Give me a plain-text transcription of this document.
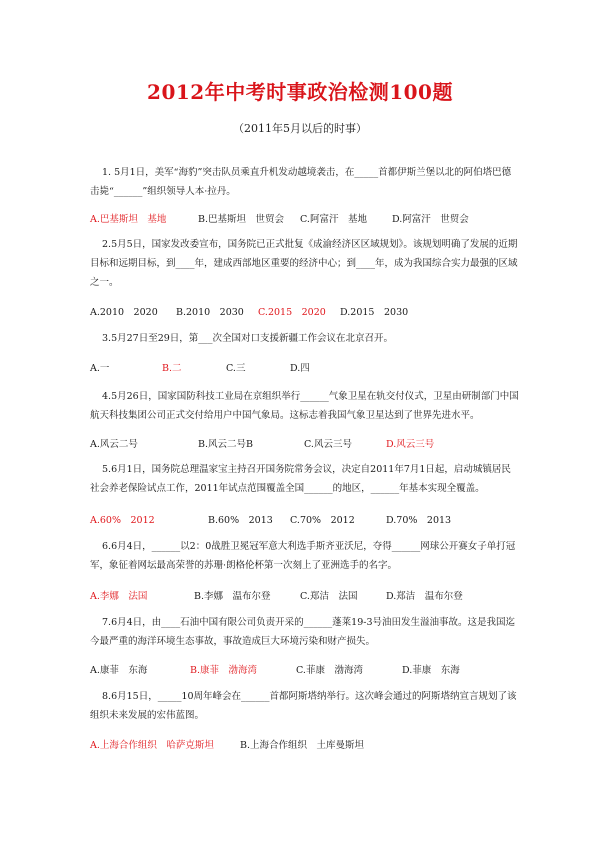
2012年中考时事政治检测100题
（2011年5月以后的时事）

1. 5月1日，美军“海豹”突击队员乘直升机发动越境袭击，在_____首都伊斯兰堡以北的阿伯塔巴德击毙“______”组织领导人本·拉丹。

A.巴基斯坦　基地	B.巴基斯坦　世贸会 C.阿富汗　基地	D.阿富汗　世贸会

2.5月5日，国家发改委宣布，国务院已正式批复《成渝经济区区域规划》。该规划明确了发展的近期目标和远期目标，到____年，建成西部地区重要的经济中心；到____年，成为我国综合实力最强的区域之一。

A.2010　2020 B.2010　2030 C.2015　2020 D.2015　2030

3.5月27日至29日，第___次全国对口支援新疆工作会议在北京召开。

A.一	B.二	C.三	D.四

4.5月26日，国家国防科技工业局在京组织举行______气象卫星在轨交付仪式，卫星由研制部门中国航天科技集团公司正式交付给用户中国气象局。这标志着我国气象卫星达到了世界先进水平。

A.风云二号	B.风云二号B	C.风云三号	D.风云三号

5.6月1日，国务院总理温家宝主持召开国务院常务会议，决定自2011年7月1日起，启动城镇居民社会养老保险试点工作，2011年试点范围覆盖全国______的地区，______年基本实现全覆盖。

A.60%　2012	B.60%　2013 C.70%　2012	D.70%　2013

6.6月4日，______以2：0战胜卫冕冠军意大利选手斯齐亚沃尼，夺得______网球公开赛女子单打冠军，象征着网坛最高荣誉的苏珊·朗格伦杯第一次刻上了亚洲选手的名字。

A.李娜　法国	B.李娜　温布尔登	C.郑洁　法国	D.郑洁　温布尔登

7.6月4日，由____石油中国有限公司负责开采的______蓬莱19-3号油田发生溢油事故。这是我国迄今最严重的海洋环境生态事故，事故造成巨大环境污染和财产损失。

A.康菲　东海	B.康菲　渤海湾	C.菲康　渤海湾	D.菲康　东海

8.6月15日，_____10周年峰会在______首都阿斯塔纳举行。这次峰会通过的阿斯塔纳宣言规划了该组织未来发展的宏伟蓝图。

A.上海合作组织　哈萨克斯坦	B.上海合作组织　土库曼斯坦
